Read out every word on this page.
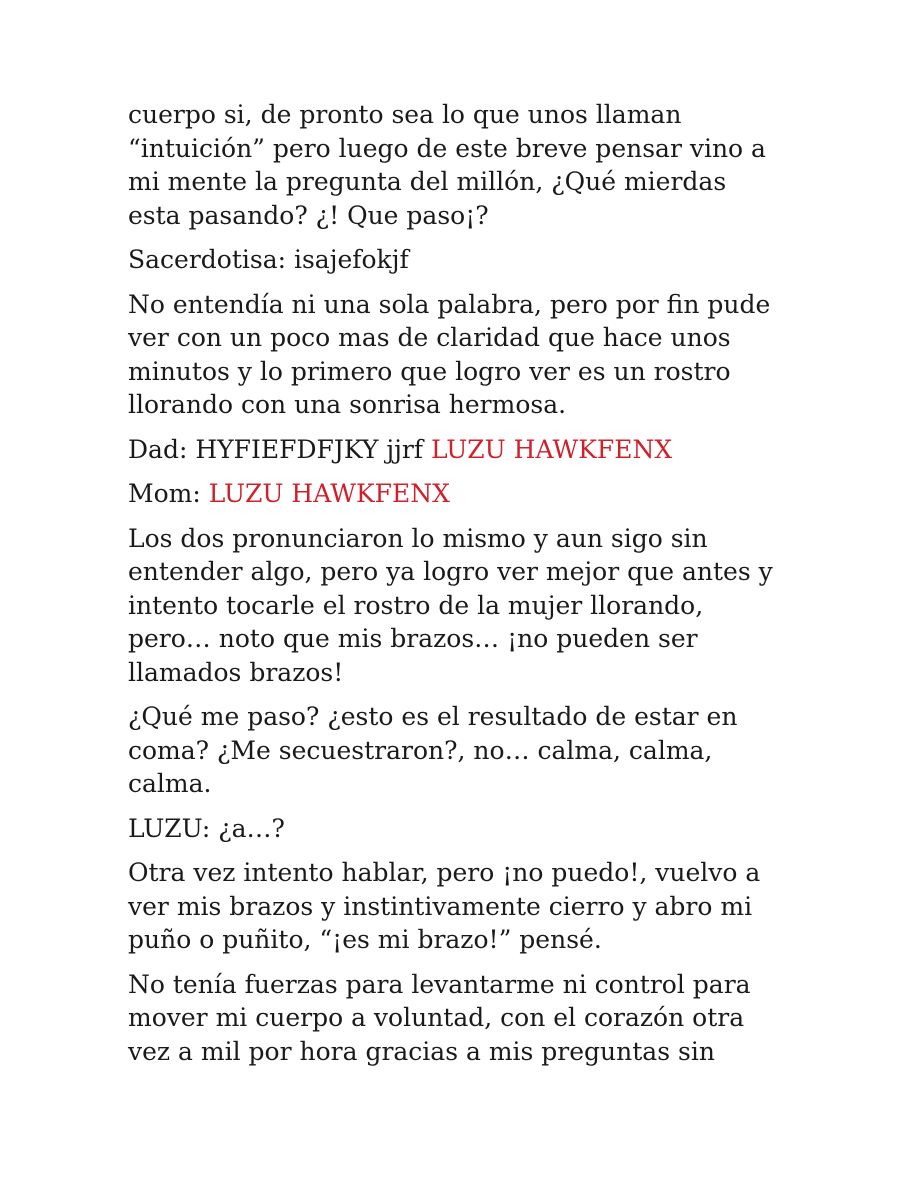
cuerpo si, de pronto sea lo que unos llaman “intuición” pero luego de este breve pensar vino a mi mente la pregunta del millón, ¿Qué mierdas esta pasando? ¿! Que paso¡?

Sacerdotisa: isajefokjf

No entendía ni una sola palabra, pero por fin pude ver con un poco mas de claridad que hace unos minutos y lo primero que logro ver es un rostro llorando con una sonrisa hermosa.

Dad: HYFIEFDFJKY jjrf LUZU HAWKFENX

Mom: LUZU HAWKFENX

Los dos pronunciaron lo mismo y aun sigo sin entender algo, pero ya logro ver mejor que antes y intento tocarle el rostro de la mujer llorando, pero… noto que mis brazos… ¡no pueden ser llamados brazos!

¿Qué me paso? ¿esto es el resultado de estar en coma? ¿Me secuestraron?, no… calma, calma, calma.

LUZU: ¿a…?

Otra vez intento hablar, pero ¡no puedo!, vuelvo a ver mis brazos y instintivamente cierro y abro mi puño o puñito, “¡es mi brazo!” pensé.

No tenía fuerzas para levantarme ni control para mover mi cuerpo a voluntad, con el corazón otra vez a mil por hora gracias a mis preguntas sin
